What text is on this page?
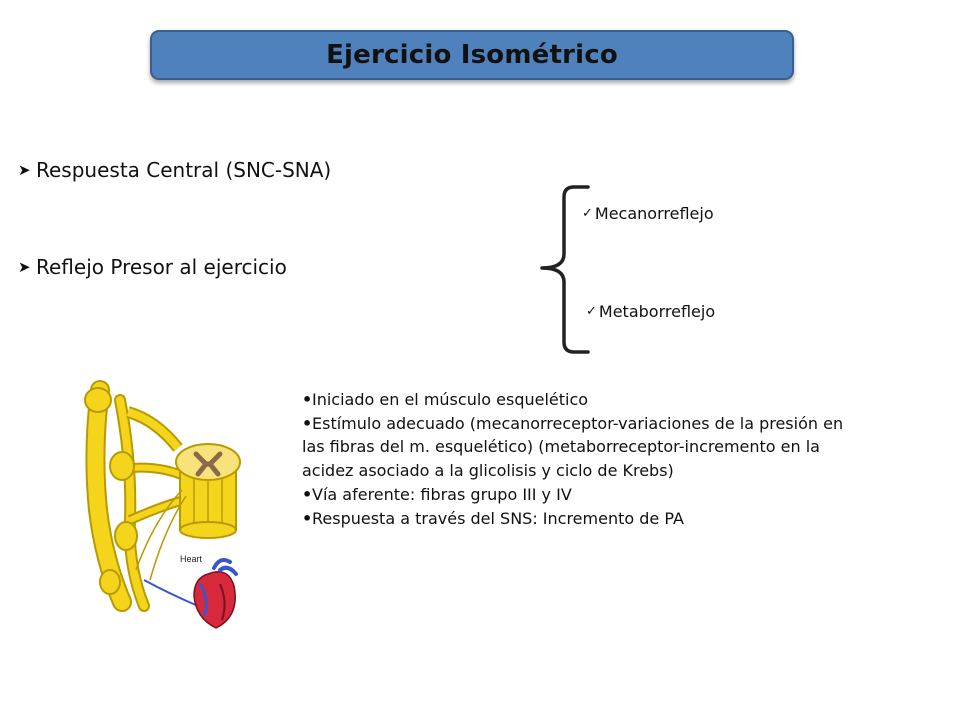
Ejercicio Isométrico
➤ Respuesta Central (SNC-SNA)
➤ Reflejo Presor al ejercicio
✓ Mecanorreflejo
✓ Metaborreflejo
Heart
•Iniciado en el músculo esquelético
•Estímulo adecuado (mecanorreceptor-variaciones de la presión en las fibras del m. esquelético) (metaborreceptor-incremento en la acidez asociado a la glicolisis y ciclo de Krebs)
•Vía aferente: fibras grupo III y IV
•Respuesta a través del SNS: Incremento de PA
